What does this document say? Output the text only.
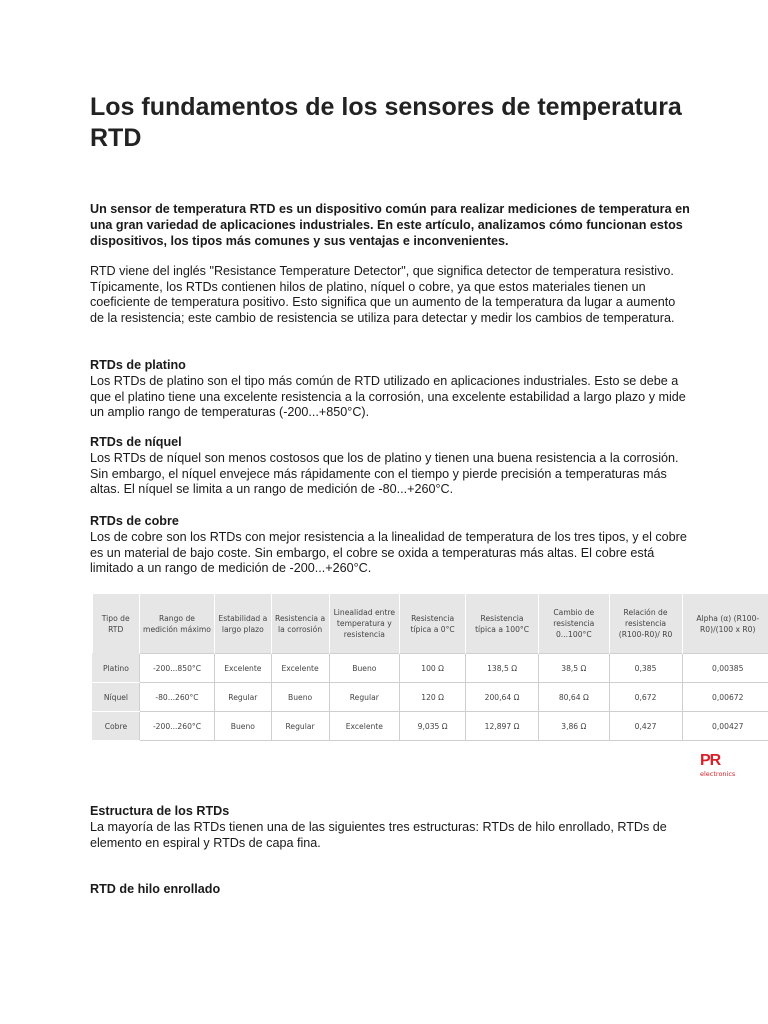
Los fundamentos de los sensores de temperatura RTD

Un sensor de temperatura RTD es un dispositivo común para realizar mediciones de temperatura en una gran variedad de aplicaciones industriales. En este artículo, analizamos cómo funcionan estos dispositivos, los tipos más comunes y sus ventajas e inconvenientes.

RTD viene del inglés "Resistance Temperature Detector", que significa detector de temperatura resistivo. Típicamente, los RTDs contienen hilos de platino, níquel o cobre, ya que estos materiales tienen un coeficiente de temperatura positivo. Esto significa que un aumento de la temperatura da lugar a aumento de la resistencia; este cambio de resistencia se utiliza para detectar y medir los cambios de temperatura.

RTDs de platino

Los RTDs de platino son el tipo más común de RTD utilizado en aplicaciones industriales. Esto se debe a que el platino tiene una excelente resistencia a la corrosión, una excelente estabilidad a largo plazo y mide un amplio rango de temperaturas (-200...+850°C).

RTDs de níquel

Los RTDs de níquel son menos costosos que los de platino y tienen una buena resistencia a la corrosión. Sin embargo, el níquel envejece más rápidamente con el tiempo y pierde precisión a temperaturas más altas. El níquel se limita a un rango de medición de -80...+260°C.

RTDs de cobre

Los de cobre son los RTDs con mejor resistencia a la linealidad de temperatura de los tres tipos, y el cobre es un material de bajo coste. Sin embargo, el cobre se oxida a temperaturas más altas. El cobre está limitado a un rango de medición de -200...+260°C.

Estructura de los RTDs

La mayoría de las RTDs tienen una de las siguientes tres estructuras: RTDs de hilo enrollado, RTDs de elemento en espiral y RTDs de capa fina.

RTD de hilo enrollado

Tipo de RTD	Rango de medición máximo	Estabilidad a largo plazo	Resistencia a la corrosión	Linealidad entre temperatura y resistencia	Resistencia típica a 0°C	Resistencia típica a 100°C	Cambio de resistencia 0...100°C	Relación de resistencia (R100-R0)/ R0	Alpha (α) (R100-R0)/(100 x R0)
Platino	-200...850°C	Excelente	Excelente	Bueno	100 Ω	138,5 Ω	38,5 Ω	0,385	0,00385
Níquel	-80...260°C	Regular	Bueno	Regular	120 Ω	200,64 Ω	80,64 Ω	0,672	0,00672
Cobre	-200...260°C	Bueno	Regular	Excelente	9,035 Ω	12,897 Ω	3,86 Ω	0,427	0,00427
PR
electronics
